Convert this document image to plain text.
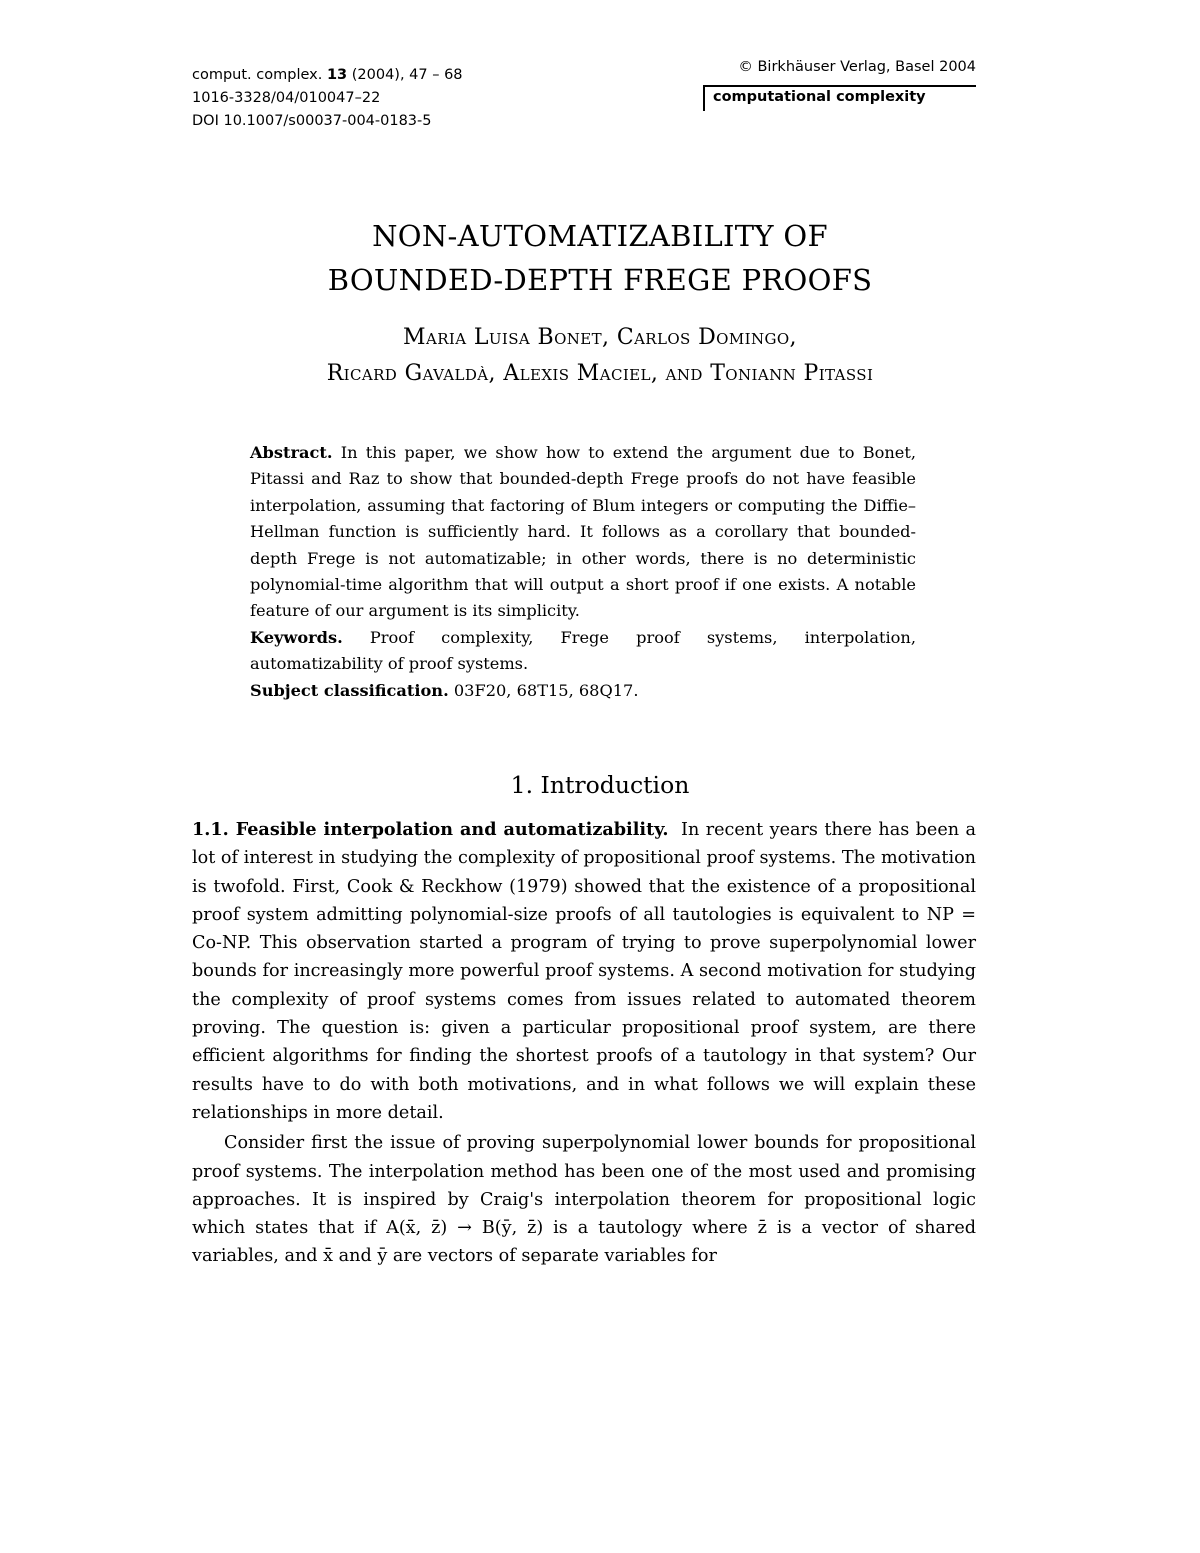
comput. complex. 13 (2004), 47 – 68
1016-3328/04/010047–22
DOI 10.1007/s00037-004-0183-5
© Birkhäuser Verlag, Basel 2004
computational complexity
NON-AUTOMATIZABILITY OF
BOUNDED-DEPTH FREGE PROOFS
Maria Luisa Bonet, Carlos Domingo,
Ricard Gavaldà, Alexis Maciel, and Toniann Pitassi

Abstract. In this paper, we show how to extend the argument due to Bonet, Pitassi and Raz to show that bounded-depth Frege proofs do not have feasible interpolation, assuming that factoring of Blum integers or computing the Diffie–Hellman function is sufficiently hard. It follows as a corollary that bounded-depth Frege is not automatizable; in other words, there is no deterministic polynomial-time algorithm that will output a short proof if one exists. A notable feature of our argument is its simplicity.

Keywords. Proof complexity, Frege proof systems, interpolation, automatizability of proof systems.

Subject classification. 03F20, 68T15, 68Q17.

1. Introduction

1.1. Feasible interpolation and automatizability. In recent years there has been a lot of interest in studying the complexity of propositional proof systems. The motivation is twofold. First, Cook & Reckhow (1979) showed that the existence of a propositional proof system admitting polynomial-size proofs of all tautologies is equivalent to NP = Co-NP. This observation started a program of trying to prove superpolynomial lower bounds for increasingly more powerful proof systems. A second motivation for studying the complexity of proof systems comes from issues related to automated theorem proving. The question is: given a particular propositional proof system, are there efficient algorithms for finding the shortest proofs of a tautology in that system? Our results have to do with both motivations, and in what follows we will explain these relationships in more detail.

Consider first the issue of proving superpolynomial lower bounds for propositional proof systems. The interpolation method has been one of the most used and promising approaches. It is inspired by Craig's interpolation theorem for propositional logic which states that if A(x̄, z̄) → B(ȳ, z̄) is a tautology where z̄ is a vector of shared variables, and x̄ and ȳ are vectors of separate variables for
